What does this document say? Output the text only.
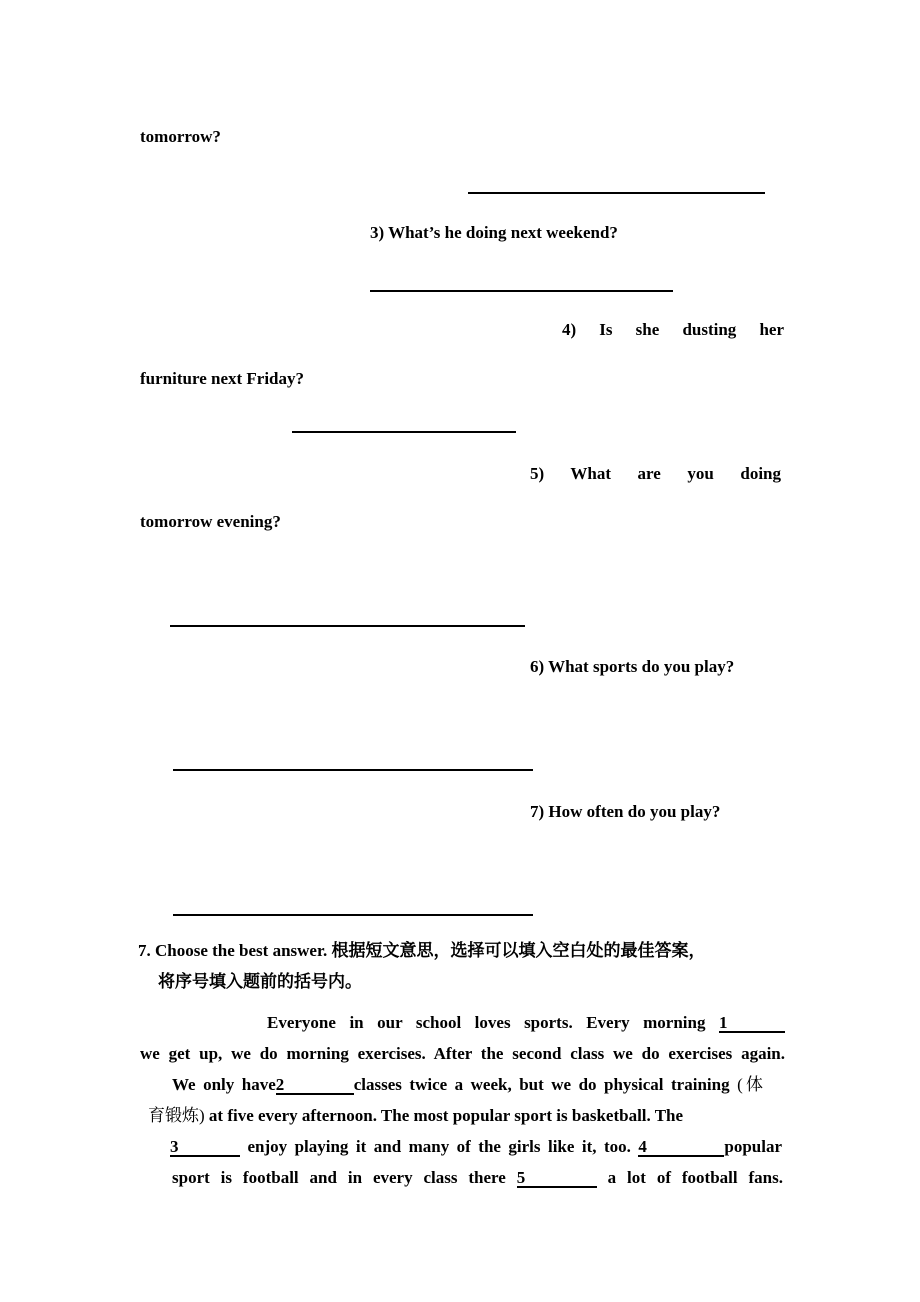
tomorrow?
3) What’s he doing next weekend?
4) Is she dusting her
furniture next Friday?
5) What are you doing
tomorrow evening?
6) What sports do you play?
7) How often do you play?
7. Choose the best answer. 根据短文意思，选择可以填入空白处的最佳答案，
将序号填入题前的括号内。
Everyone in our school loves sports. Every morning 1
we get up, we do morning exercises. After the second class we do exercises again.
We only have2	classes twice a week, but we do physical training (体
育锻炼) at five every afternoon. The most popular sport is basketball. The
3	enjoy playing it and many of the girls like it, too. 4	popular
sport is football and in every class there 5	a lot of football fans.
